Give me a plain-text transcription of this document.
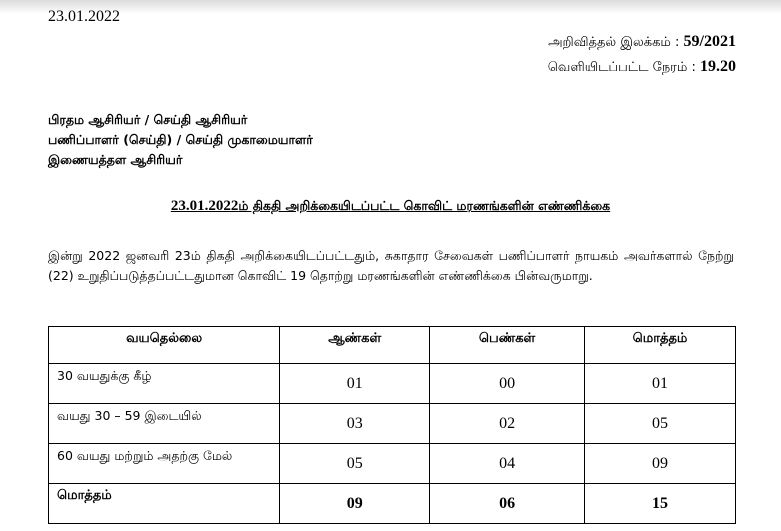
23.01.2022
அறிவித்தல் இலக்கம் : 59/2021
வெளியிடப்பட்ட நேரம் : 19.20
பிரதம ஆசிரியர் / செய்தி ஆசிரியர்
பணிப்பாளர் (செய்தி) / செய்தி முகாமையாளர்
இணையத்தள ஆசிரியர்
23.01.2022ம் திகதி அறிக்கையிடப்பட்ட கொவிட் மரணங்களின் எண்ணிக்கை
இன்று 2022 ஜனவரி 23ம் திகதி அறிக்கையிடப்பட்டதும், சுகாதார சேவைகள் பணிப்பாளர் நாயகம் அவர்களால் நேற்று (22) உறுதிப்படுத்தப்பட்டதுமான கொவிட் 19 தொற்று மரணங்களின் எண்ணிக்கை பின்வருமாறு.
வயதெல்லை	ஆண்கள்	பெண்கள்	மொத்தம்
30 வயதுக்கு கீழ்	01	00	01
வயது 30 – 59 இடையில்	03	02	05
60 வயது மற்றும் அதற்கு மேல்	05	04	09
மொத்தம்	09	06	15
